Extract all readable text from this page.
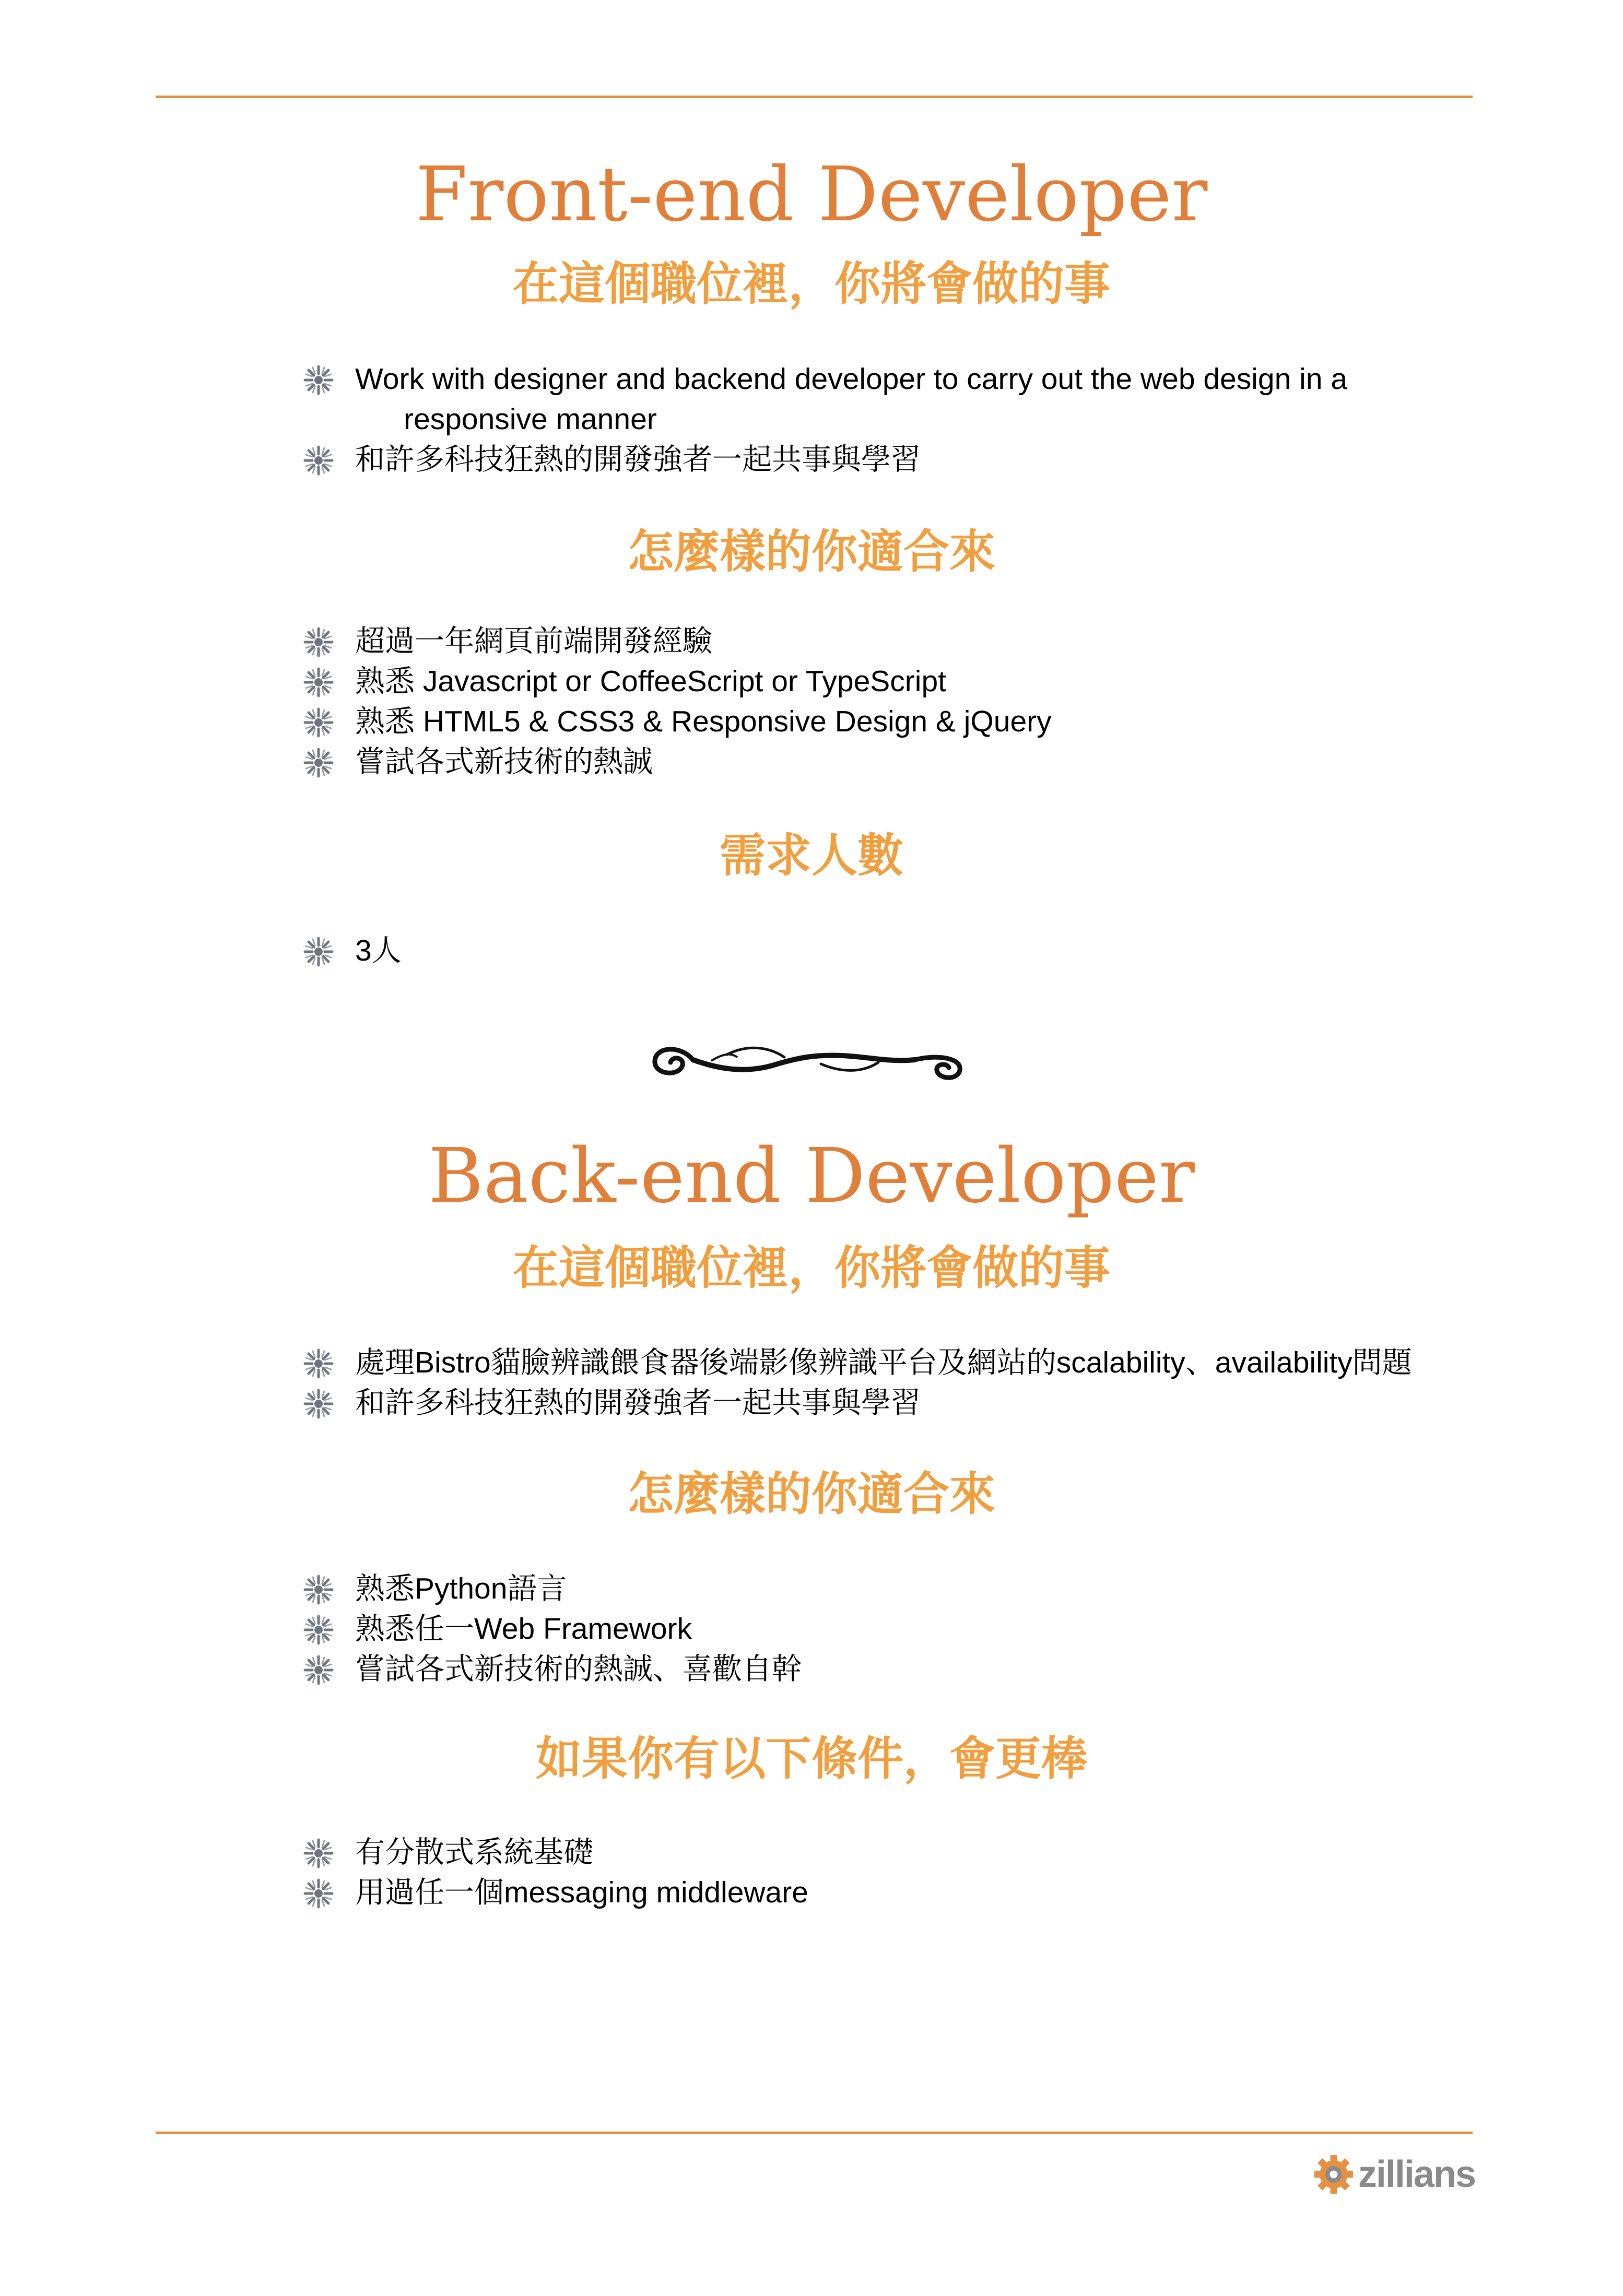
Front-end Developer
在這個職位裡，你將會做的事
Work with designer and backend developer to carry out the web design in a
responsive manner
和許多科技狂熱的開發強者一起共事與學習
怎麼樣的你適合來
超過一年網頁前端開發經驗
熟悉 Javascript or CoffeeScript or TypeScript
熟悉 HTML5 & CSS3 & Responsive Design & jQuery
嘗試各式新技術的熱誠
需求人數
3人
Back-end Developer
在這個職位裡，你將會做的事
處理Bistro貓臉辨識餵食器後端影像辨識平台及網站的scalability、availability問題
和許多科技狂熱的開發強者一起共事與學習
怎麼樣的你適合來
熟悉Python語言
熟悉任一Web Framework
嘗試各式新技術的熱誠、喜歡自幹
如果你有以下條件，會更棒
有分散式系統基礎
用過任一個messaging middleware
zillians
